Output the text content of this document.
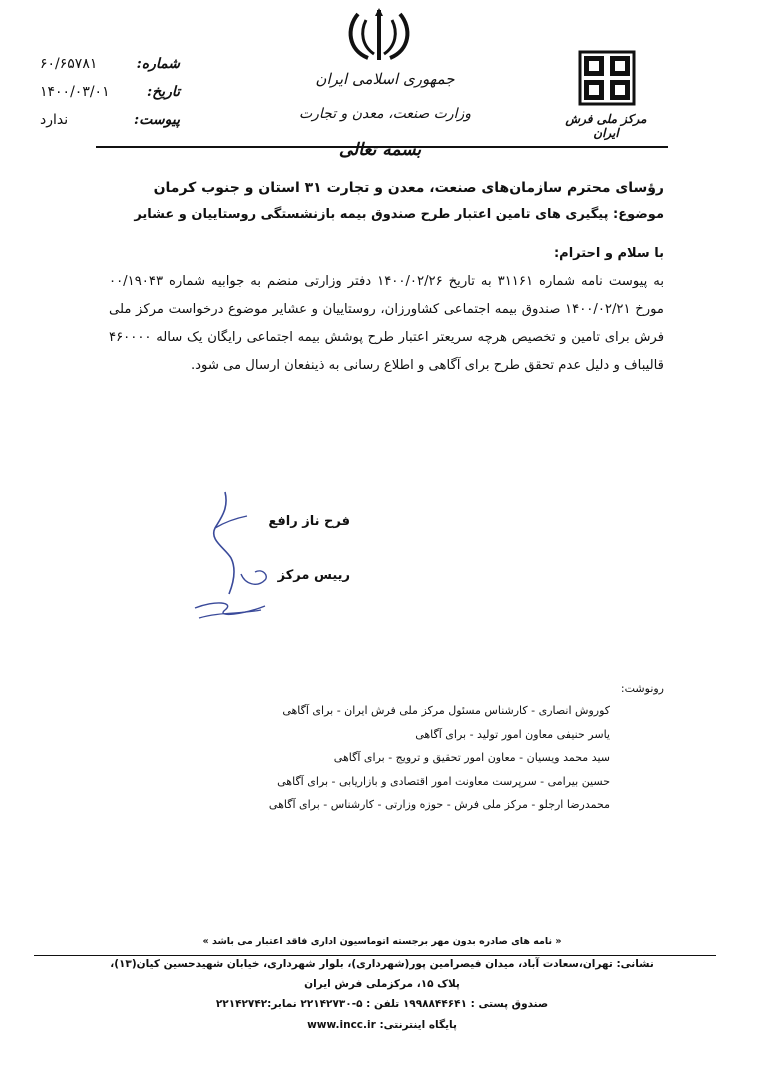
جمهوری اسلامی ایران
وزارت صنعت، معدن و تجارت
بسمه تعالی
مرکز ملی فرش ایران
شماره:
۶۰/۶۵۷۸۱
تاریخ:
۱۴۰۰/۰۳/۰۱
پیوست:
ندارد
رؤسای محترم سازمان‌های صنعت، معدن و تجارت ۳۱ استان و جنوب کرمان
موضوع: پیگیری های تامین اعتبار طرح صندوق بیمه بازنشستگی روستاییان و عشایر
با سلام و احترام:
به پیوست نامه شماره ۳۱۱۶۱ به تاریخ ۱۴۰۰/۰۲/۲۶ دفتر وزارتی منضم به جوابیه شماره ۰۰/۱۹۰۴۳ مورخ ۱۴۰۰/۰۲/۲۱ صندوق بیمه اجتماعی کشاورزان، روستاییان و عشایر موضوع درخواست مرکز ملی فرش برای تامین و تخصیص هرچه سریعتر اعتبار طرح پوشش بیمه اجتماعی رایگان یک ساله ۴۶۰۰۰۰ قالیباف و دلیل عدم تحقق طرح برای آگاهی و اطلاع رسانی به ذینفعان ارسال می شود.
فرح ناز رافع
رییس مرکز
رونوشت:
کوروش انصاری - کارشناس مسئول مرکز ملی فرش ایران - برای آگاهی
یاسر حنیفی معاون امور تولید - برای آگاهی
سید محمد ویسیان - معاون امور تحقیق و ترویج - برای آگاهی
حسین بیرامی - سرپرست معاونت امور اقتصادی و بازاریابی - برای آگاهی
محمدرضا ارجلو - مرکز ملی فرش - حوزه وزارتی - کارشناس - برای آگاهی
« نامه های صادره بدون مهر برجسته اتوماسیون اداری فاقد اعتبار می باشد »
نشانی: تهران،سعادت آباد، میدان فیصرامین پور(شهرداری)، بلوار شهرداری، خیابان شهیدحسین کیان(۱۳)،
پلاک ۱۵، مرکزملی فرش ایران
صندوق پستی : ۱۹۹۸۸۴۴۶۴۱ تلفن : ۵-۲۲۱۴۲۷۳۰ نمابر:۲۲۱۴۲۷۴۲
پایگاه اینترنتی: www.incc.ir
